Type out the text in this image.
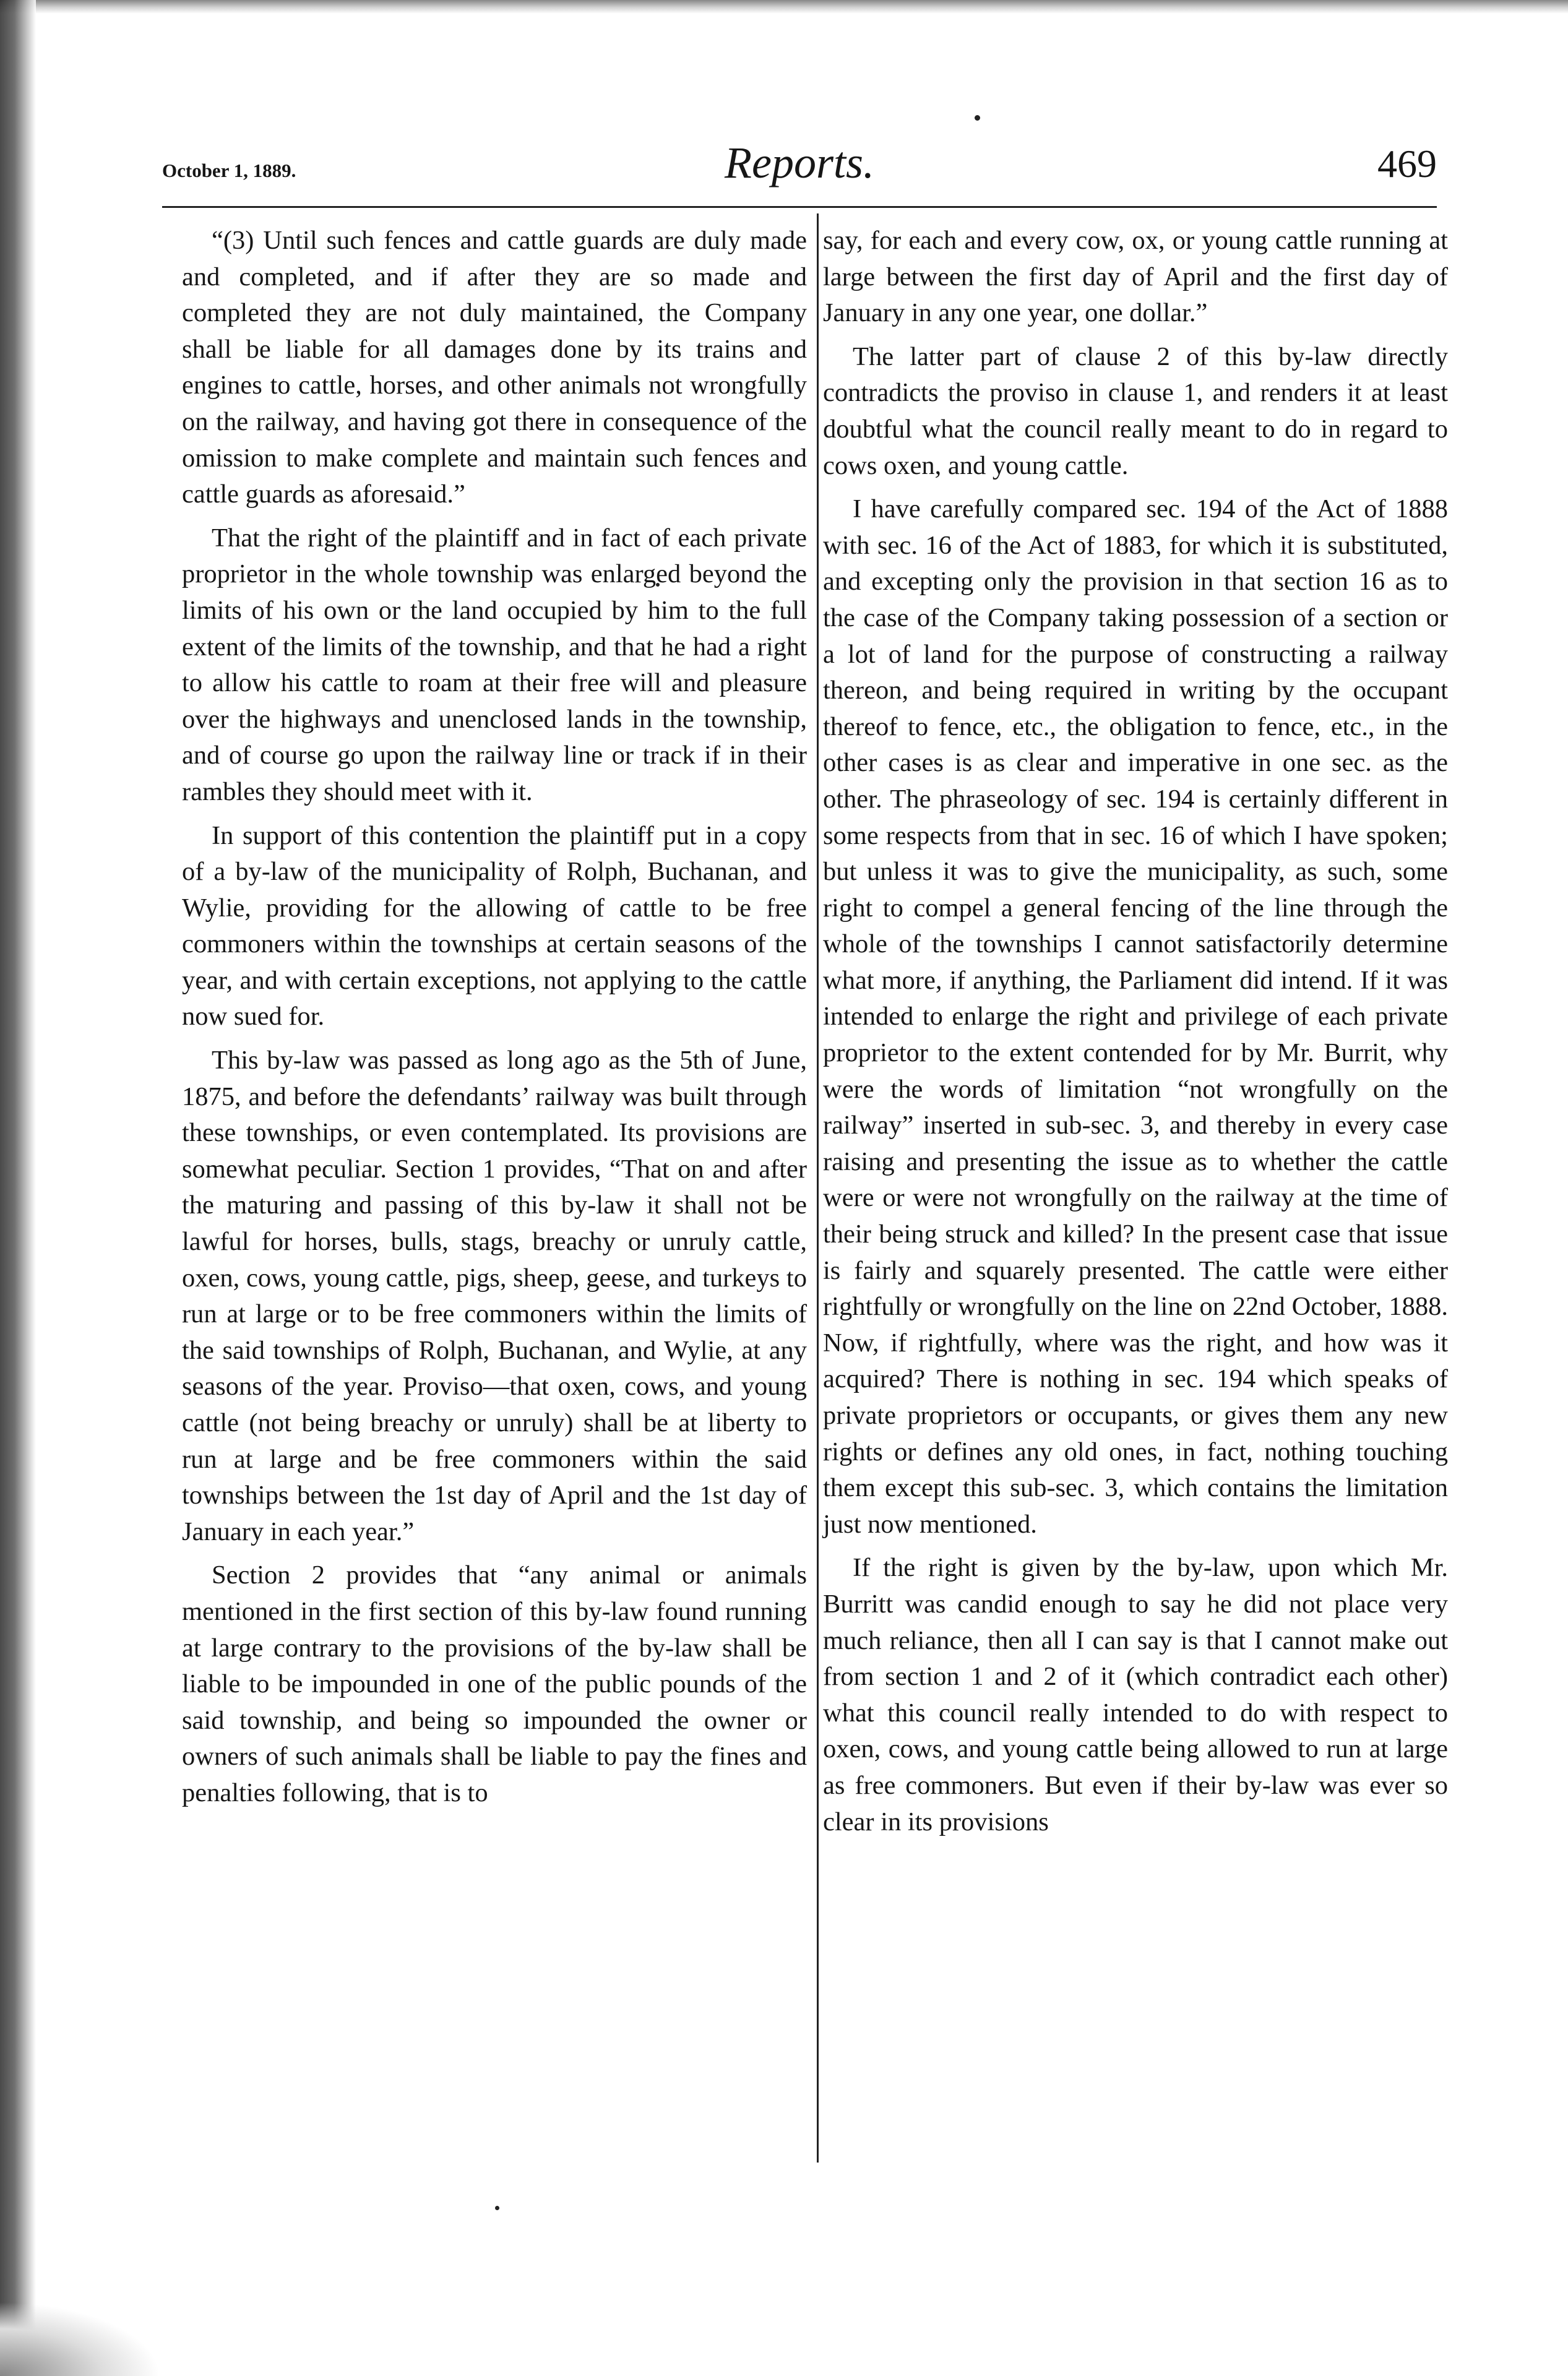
October 1, 1889.	Reports.	469

“(3) Until such fences and cattle guards are duly made and completed, and if after they are so made and completed they are not duly maintained, the Company shall be liable for all damages done by its trains and engines to cattle, horses, and other animals not wrongfully on the railway, and having got there in consequence of the omission to make complete and maintain such fences and cattle guards as aforesaid.”

That the right of the plaintiff and in fact of each private proprietor in the whole township was enlarged beyond the limits of his own or the land occupied by him to the full extent of the limits of the township, and that he had a right to allow his cattle to roam at their free will and pleasure over the highways and unenclosed lands in the township, and of course go upon the railway line or track if in their rambles they should meet with it.

In support of this contention the plaintiff put in a copy of a by-law of the municipality of Rolph, Buchanan, and Wylie, providing for the allowing of cattle to be free commoners within the townships at certain seasons of the year, and with certain exceptions, not applying to the cattle now sued for.

This by-law was passed as long ago as the 5th of June, 1875, and before the defendants’ railway was built through these townships, or even contemplated. Its provisions are somewhat peculiar. Section 1 provides, “That on and after the maturing and passing of this by-law it shall not be lawful for horses, bulls, stags, breachy or unruly cattle, oxen, cows, young cattle, pigs, sheep, geese, and turkeys to run at large or to be free commoners within the limits of the said townships of Rolph, Buchanan, and Wylie, at any seasons of the year. Proviso—that oxen, cows, and young cattle (not being breachy or unruly) shall be at liberty to run at large and be free commoners within the said townships between the 1st day of April and the 1st day of January in each year.”

Section 2 provides that “any animal or animals mentioned in the first section of this by-law found running at large contrary to the provisions of the by-law shall be liable to be impounded in one of the public pounds of the said township, and being so impounded the owner or owners of such animals shall be liable to pay the fines and penalties following, that is to

say, for each and every cow, ox, or young cattle running at large between the first day of April and the first day of January in any one year, one dollar.”

The latter part of clause 2 of this by-law directly contradicts the proviso in clause 1, and renders it at least doubtful what the council really meant to do in regard to cows oxen, and young cattle.

I have carefully compared sec. 194 of the Act of 1888 with sec. 16 of the Act of 1883, for which it is substituted, and excepting only the provision in that section 16 as to the case of the Company taking possession of a section or a lot of land for the purpose of constructing a railway thereon, and being required in writing by the occupant thereof to fence, etc., the obligation to fence, etc., in the other cases is as clear and imperative in one sec. as the other. The phraseology of sec. 194 is certainly different in some respects from that in sec. 16 of which I have spoken; but unless it was to give the municipality, as such, some right to compel a general fencing of the line through the whole of the townships I cannot satisfactorily determine what more, if anything, the Parliament did intend. If it was intended to enlarge the right and privilege of each private proprietor to the extent contended for by Mr. Burrit, why were the words of limitation “not wrongfully on the railway” inserted in sub-sec. 3, and thereby in every case raising and presenting the issue as to whether the cattle were or were not wrongfully on the railway at the time of their being struck and killed? In the present case that issue is fairly and squarely presented. The cattle were either rightfully or wrongfully on the line on 22nd October, 1888. Now, if rightfully, where was the right, and how was it acquired? There is nothing in sec. 194 which speaks of private proprietors or occupants, or gives them any new rights or defines any old ones, in fact, nothing touching them except this sub-sec. 3, which contains the limitation just now mentioned.

If the right is given by the by-law, upon which Mr. Burritt was candid enough to say he did not place very much reliance, then all I can say is that I cannot make out from section 1 and 2 of it (which contradict each other) what this council really intended to do with respect to oxen, cows, and young cattle being allowed to run at large as free commoners. But even if their by-law was ever so clear in its provisions
